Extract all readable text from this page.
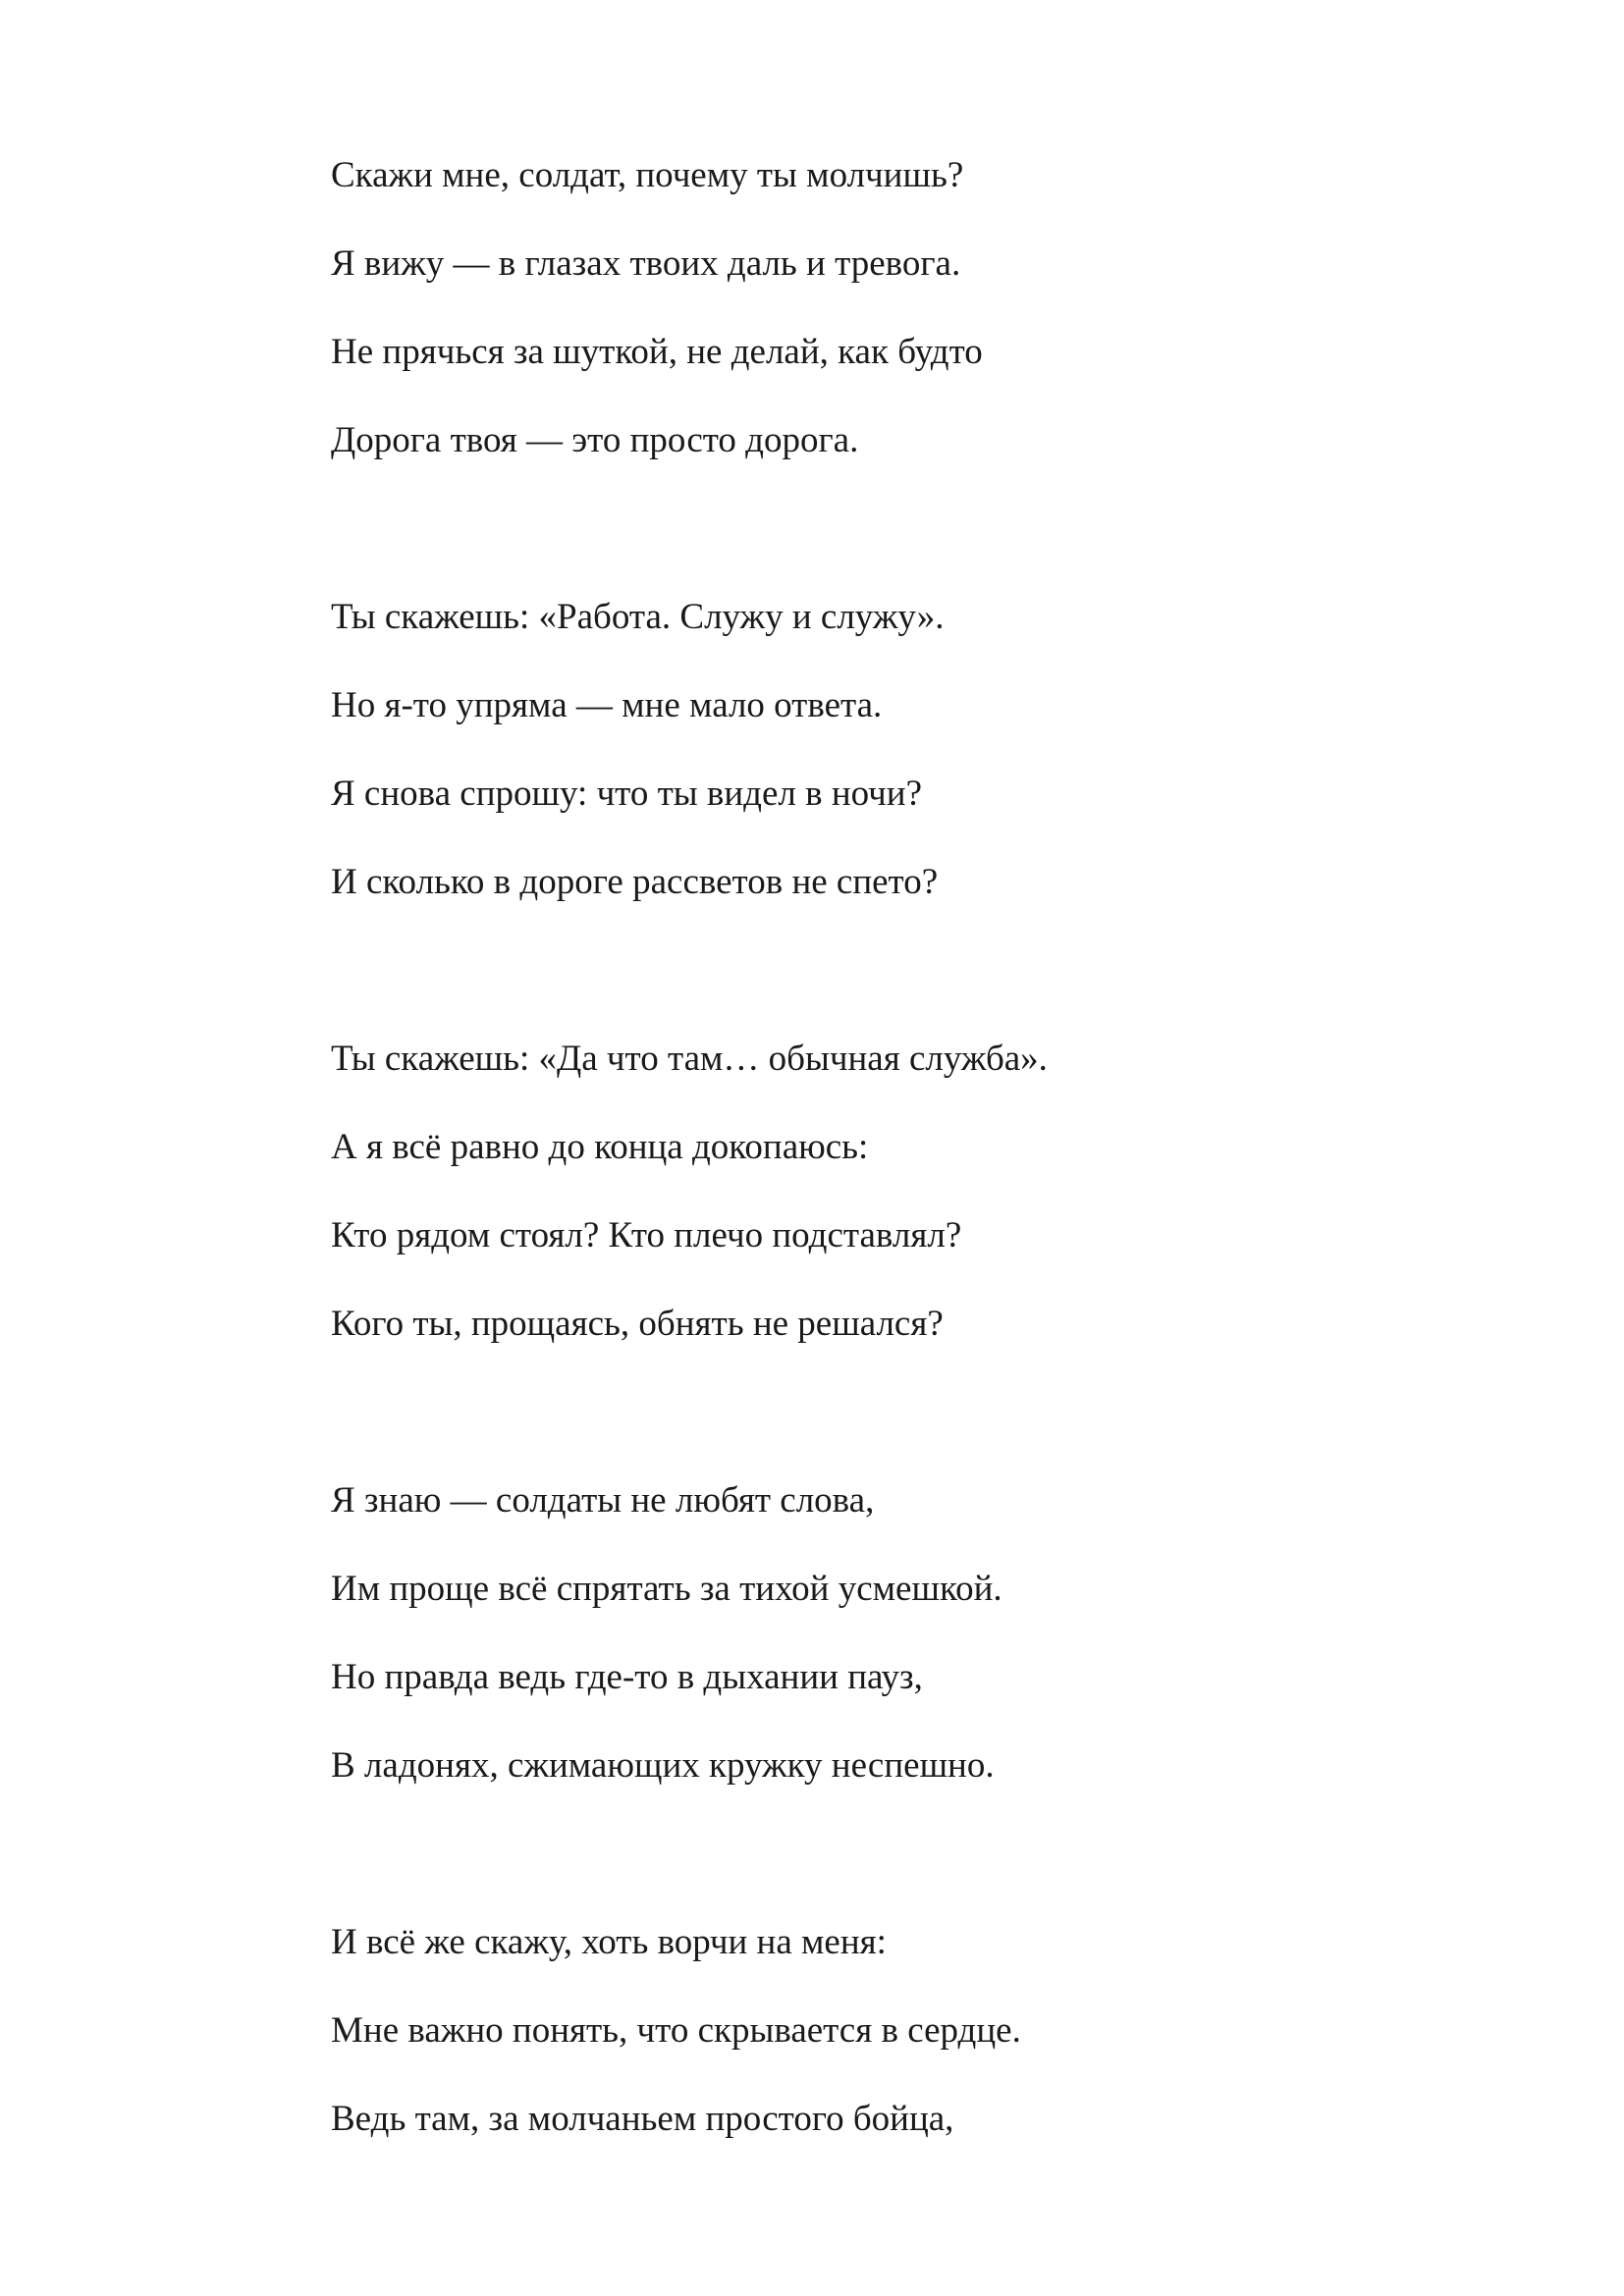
Скажи мне, солдат, почему ты молчишь?
Я вижу — в глазах твоих даль и тревога.
Не прячься за шуткой, не делай, как будто
Дорога твоя — это просто дорога.
Ты скажешь: «Работа. Служу и служу».
Но я-то упряма — мне мало ответа.
Я снова спрошу: что ты видел в ночи?
И сколько в дороге рассветов не спето?
Ты скажешь: «Да что там… обычная служба».
А я всё равно до конца докопаюсь:
Кто рядом стоял? Кто плечо подставлял?
Кого ты, прощаясь, обнять не решался?
Я знаю — солдаты не любят слова,
Им проще всё спрятать за тихой усмешкой.
Но правда ведь где-то в дыхании пауз,
В ладонях, сжимающих кружку неспешно.
И всё же скажу, хоть ворчи на меня:
Мне важно понять, что скрывается в сердце.
Ведь там, за молчаньем простого бойца,
